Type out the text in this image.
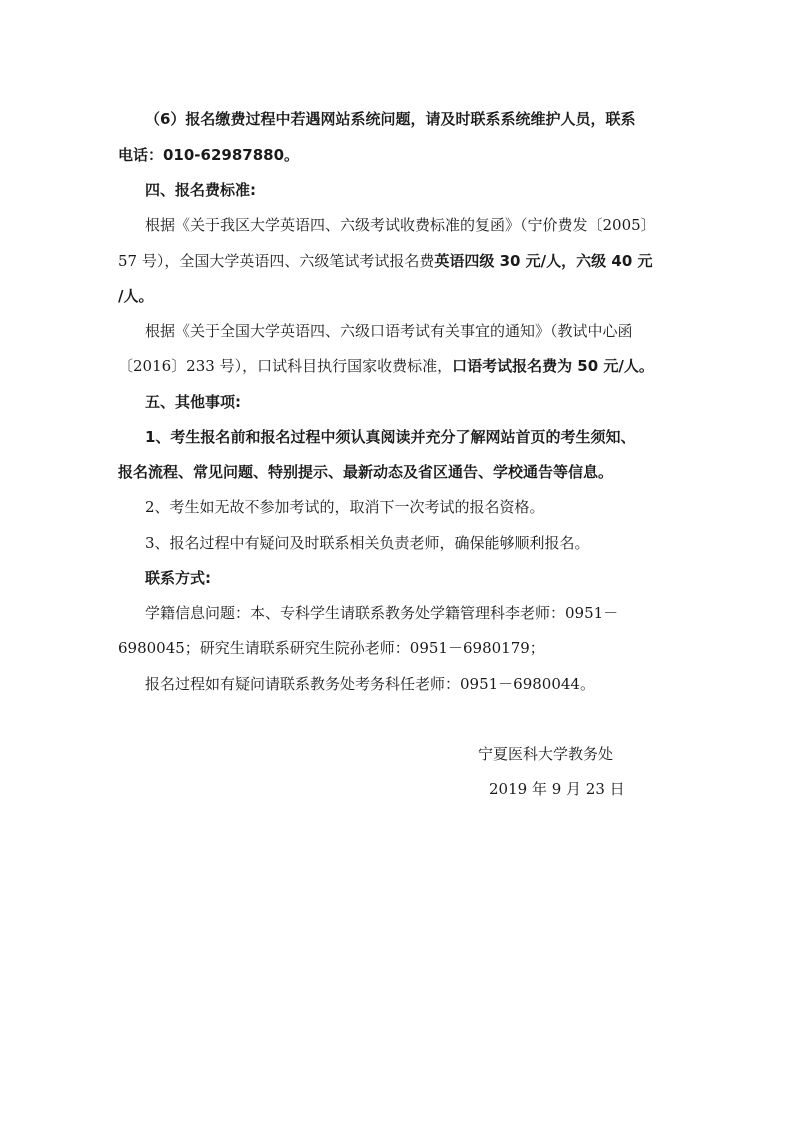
（6）报名缴费过程中若遇网站系统问题，请及时联系系统维护人员，联系
电话：010-62987880。
四、报名费标准:
根据《关于我区大学英语四、六级考试收费标准的复函》（宁价费发〔2005〕
57 号），全国大学英语四、六级笔试考试报名费英语四级 30 元/人，六级 40 元
/人。
根据《关于全国大学英语四、六级口语考试有关事宜的通知》（教试中心函
〔2016〕233 号），口试科目执行国家收费标准，口语考试报名费为 50 元/人。
五、其他事项:
1、考生报名前和报名过程中须认真阅读并充分了解网站首页的考生须知、
报名流程、常见问题、特别提示、最新动态及省区通告、学校通告等信息。
2、考生如无故不参加考试的，取消下一次考试的报名资格。
3、报名过程中有疑问及时联系相关负责老师，确保能够顺利报名。
联系方式:
学籍信息问题：本、专科学生请联系教务处学籍管理科李老师：0951－
6980045；研究生请联系研究生院孙老师：0951－6980179；
报名过程如有疑问请联系教务处考务科任老师：0951－6980044。
宁夏医科大学教务处
2019 年 9 月 23 日
